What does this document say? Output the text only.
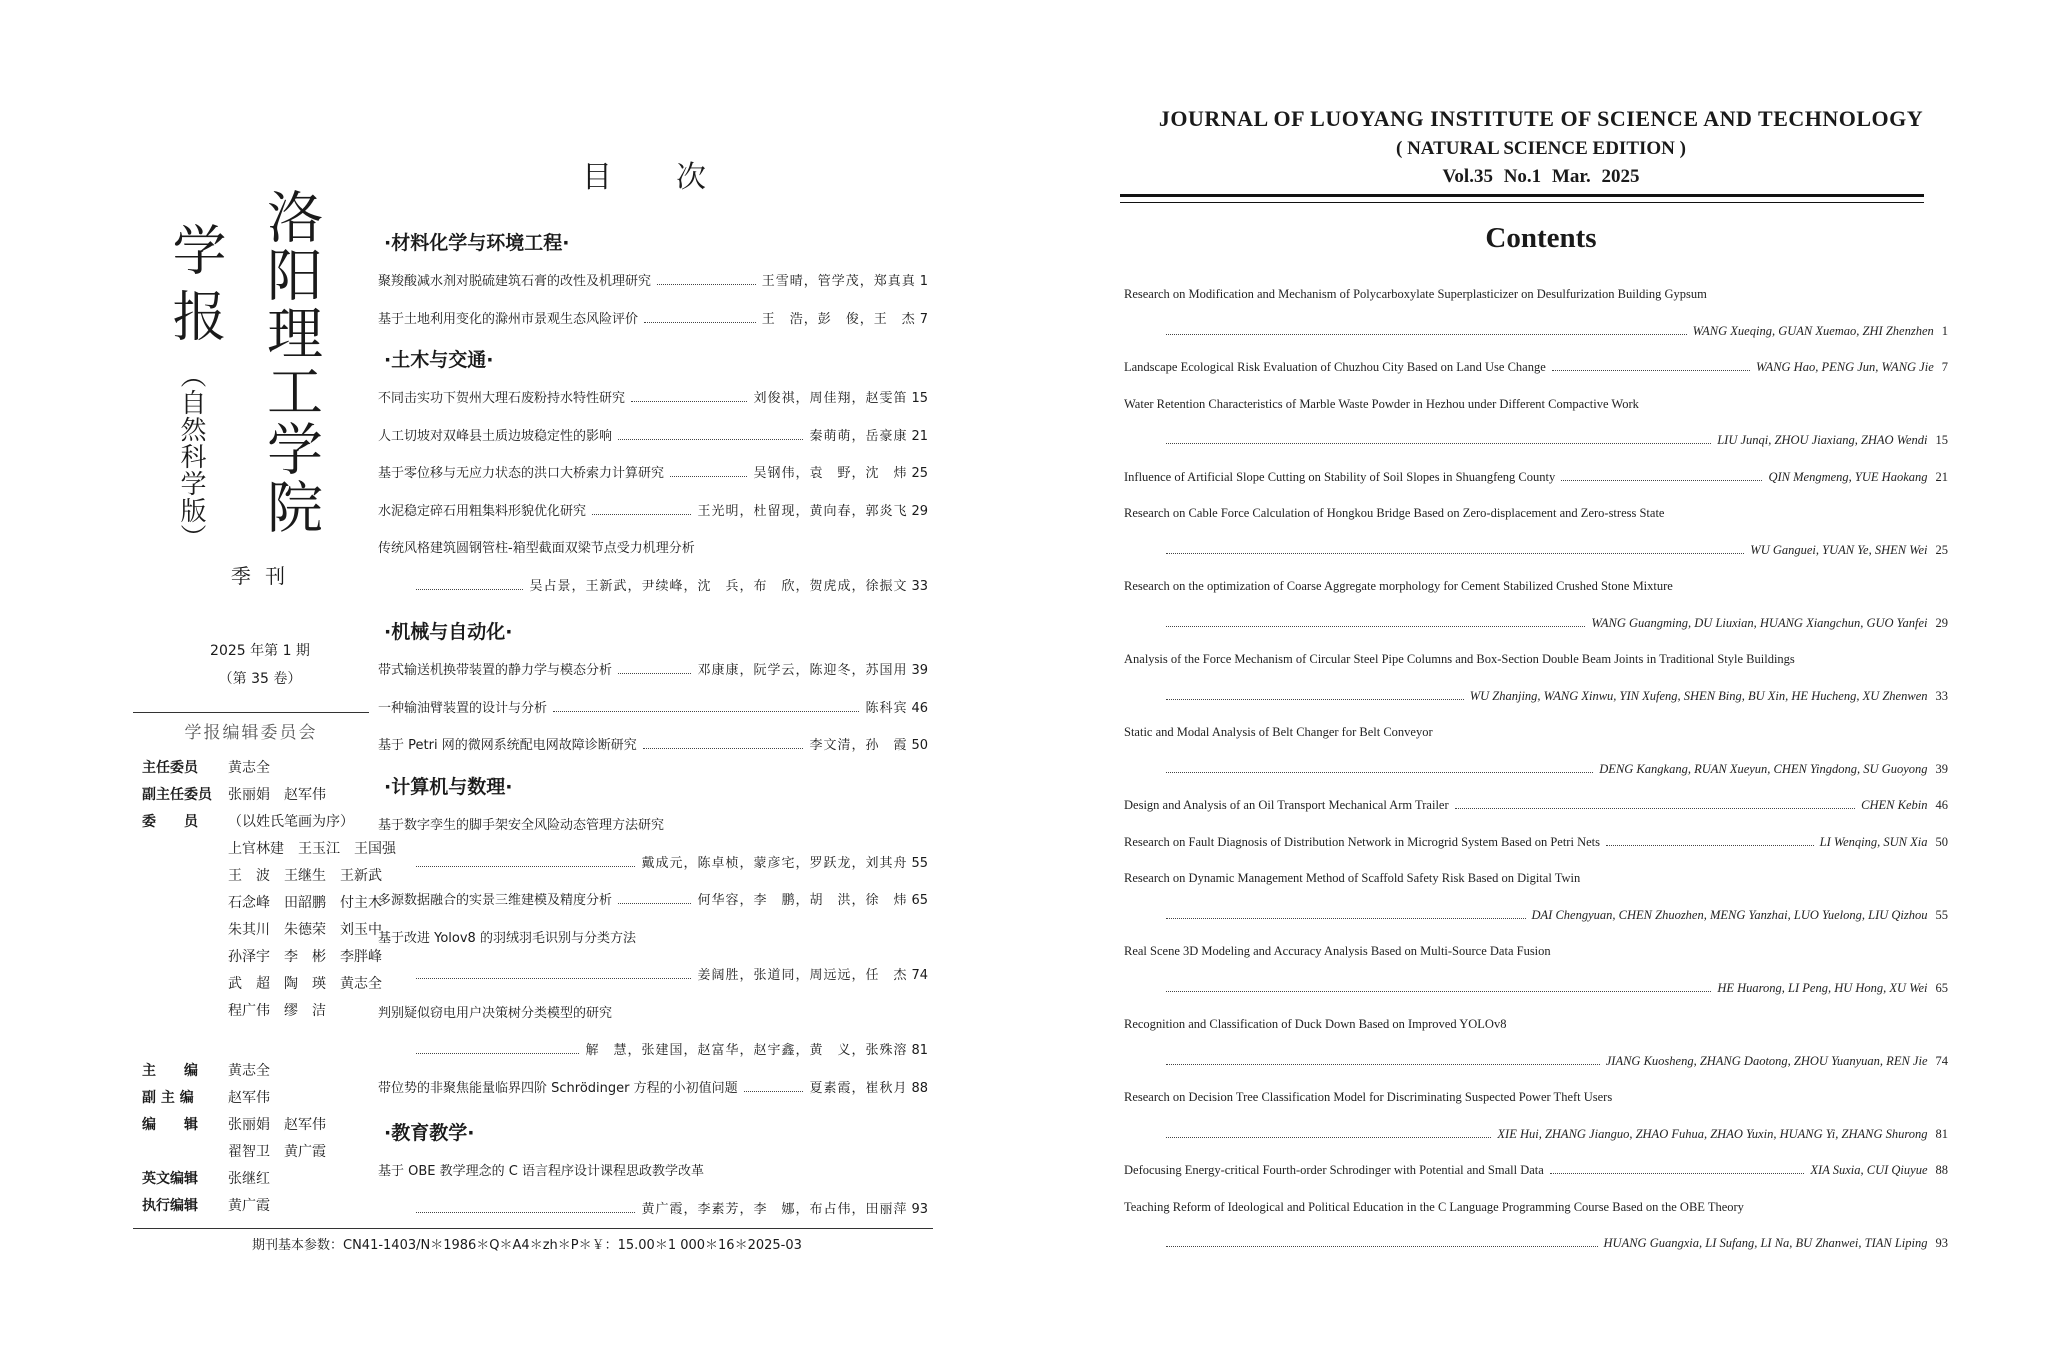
洛阳理工学院
学报
（自然科学版）
季 刊
2025 年第 1 期
（第 35 卷）
学报编辑委员会
主任委员 黄志全
副主任委员 张丽娟　赵军伟
委　　员 （以姓氏笔画为序）
上官林建　王玉江　王国强
王　波　王继生　王新武
石念峰　田韶鹏　付主木
朱其川　朱德荣　刘玉中
孙泽宇　李　彬　李胖峰
武　超　陶　瑛　黄志全
程广伟　缪　洁
主　　编 黄志全
副 主 编 赵军伟
编　　辑 张丽娟　赵军伟
翟智卫　黄广霞
英文编辑 张继红
执行编辑 黄广霞
目次
·材料化学与环境工程·
聚羧酸减水剂对脱硫建筑石膏的改性及机理研究	王雪晴，管学茂，郑真真 1
基于土地利用变化的滁州市景观生态风险评价	王　浩，彭　俊，王　杰 7
·土木与交通·
不同击实功下贺州大理石废粉持水特性研究	刘俊祺，周佳翔，赵雯笛 15
人工切坡对双峰县土质边坡稳定性的影响	秦萌萌，岳豪康 21
基于零位移与无应力状态的洪口大桥索力计算研究	吴钢伟，袁　野，沈　炜 25
水泥稳定碎石用粗集料形貌优化研究	王光明，杜留现，黄向春，郭炎飞 29
传统风格建筑圆钢管柱-箱型截面双梁节点受力机理分析
吴占景，王新武，尹续峰，沈　兵，布　欣，贺虎成，徐振文 33
·机械与自动化·
带式输送机换带装置的静力学与模态分析	邓康康，阮学云，陈迎冬，苏国用 39
一种输油臂装置的设计与分析	陈科宾 46
基于 Petri 网的微网系统配电网故障诊断研究	李文清，孙　霞 50
·计算机与数理·
基于数字孪生的脚手架安全风险动态管理方法研究
戴成元，陈卓桢，蒙彦宅，罗跃龙，刘其舟 55
多源数据融合的实景三维建模及精度分析	何华容，李　鹏，胡　洪，徐　炜 65
基于改进 Yolov8 的羽绒羽毛识别与分类方法
姜阔胜，张道同，周远远，任　杰 74
判别疑似窃电用户决策树分类模型的研究
解　慧，张建国，赵富华，赵宇鑫，黄　义，张殊溶 81
带位势的非聚焦能量临界四阶 Schrödinger 方程的小初值问题	夏素霞，崔秋月 88
·教育教学·
基于 OBE 教学理念的 C 语言程序设计课程思政教学改革
黄广霞，李素芳，李　娜，布占伟，田丽萍 93
期刊基本参数：CN41-1403/N＊1986＊Q＊A4＊zh＊P＊￥：15.00＊1 000＊16＊2025-03
JOURNAL OF LUOYANG INSTITUTE OF SCIENCE AND TECHNOLOGY
( NATURAL SCIENCE EDITION )
Vol.35 No.1 Mar. 2025
Contents
Research on Modification and Mechanism of Polycarboxylate Superplasticizer on Desulfurization Building Gypsum
WANG Xueqing, GUAN Xuemao, ZHI Zhenzhen 1
Landscape Ecological Risk Evaluation of Chuzhou City Based on Land Use Change	WANG Hao, PENG Jun, WANG Jie 7
Water Retention Characteristics of Marble Waste Powder in Hezhou under Different Compactive Work
LIU Junqi, ZHOU Jiaxiang, ZHAO Wendi 15
Influence of Artificial Slope Cutting on Stability of Soil Slopes in Shuangfeng County	QIN Mengmeng, YUE Haokang 21
Research on Cable Force Calculation of Hongkou Bridge Based on Zero-displacement and Zero-stress State
WU Ganguei, YUAN Ye, SHEN Wei 25
Research on the optimization of Coarse Aggregate morphology for Cement Stabilized Crushed Stone Mixture
WANG Guangming, DU Liuxian, HUANG Xiangchun, GUO Yanfei 29
Analysis of the Force Mechanism of Circular Steel Pipe Columns and Box-Section Double Beam Joints in Traditional Style Buildings
WU Zhanjing, WANG Xinwu, YIN Xufeng, SHEN Bing, BU Xin, HE Hucheng, XU Zhenwen 33
Static and Modal Analysis of Belt Changer for Belt Conveyor
DENG Kangkang, RUAN Xueyun, CHEN Yingdong, SU Guoyong 39
Design and Analysis of an Oil Transport Mechanical Arm Trailer	CHEN Kebin 46
Research on Fault Diagnosis of Distribution Network in Microgrid System Based on Petri Nets	LI Wenqing, SUN Xia 50
Research on Dynamic Management Method of Scaffold Safety Risk Based on Digital Twin
DAI Chengyuan, CHEN Zhuozhen, MENG Yanzhai, LUO Yuelong, LIU Qizhou 55
Real Scene 3D Modeling and Accuracy Analysis Based on Multi-Source Data Fusion
HE Huarong, LI Peng, HU Hong, XU Wei 65
Recognition and Classification of Duck Down Based on Improved YOLOv8
JIANG Kuosheng, ZHANG Daotong, ZHOU Yuanyuan, REN Jie 74
Research on Decision Tree Classification Model for Discriminating Suspected Power Theft Users
XIE Hui, ZHANG Jianguo, ZHAO Fuhua, ZHAO Yuxin, HUANG Yi, ZHANG Shurong 81
Defocusing Energy-critical Fourth-order Schrodinger with Potential and Small Data	XIA Suxia, CUI Qiuyue 88
Teaching Reform of Ideological and Political Education in the C Language Programming Course Based on the OBE Theory
HUANG Guangxia, LI Sufang, LI Na, BU Zhanwei, TIAN Liping 93
